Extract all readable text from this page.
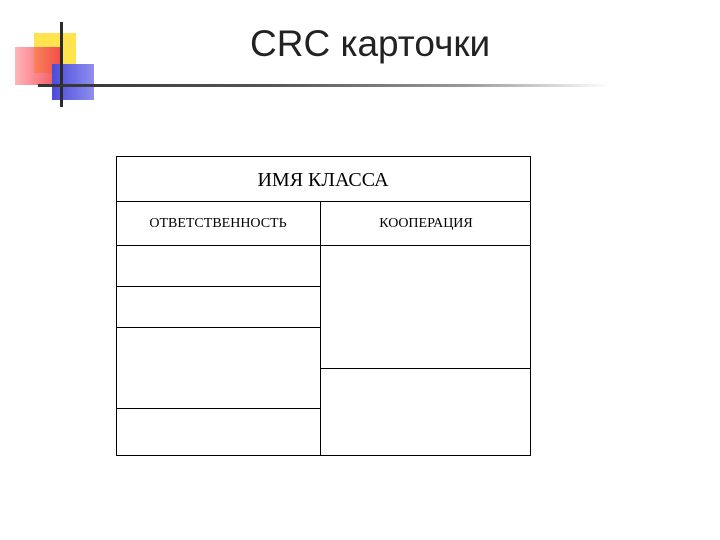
CRC карточки
ИМЯ КЛАССА
ОТВЕТСТВЕННОСТЬ	КООПЕРАЦИЯ
